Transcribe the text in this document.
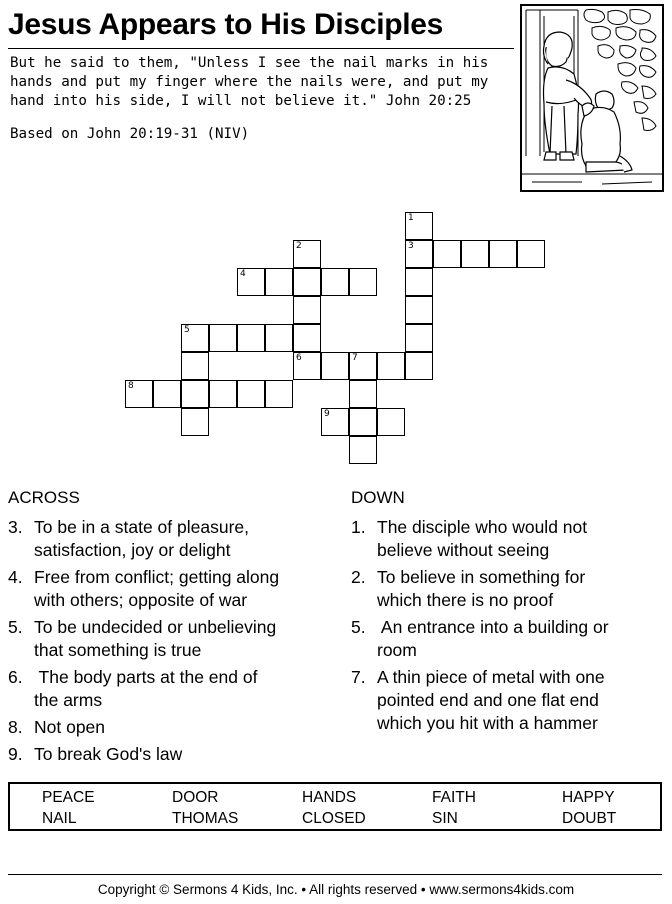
Jesus Appears to His Disciples
But he said to them, "Unless I see the nail marks in his
hands and put my finger where the nails were, and put my
hand into his side, I will not believe it." John 20:25
Based on John 20:19-31 (NIV)
1
2	3
4
5
6	7
8
9
ACROSS
3. To be in a state of pleasure,
satisfaction, joy or delight
4. Free from conflict; getting along
with others; opposite of war
5. To be undecided or unbelieving
that something is true
6. The body parts at the end of
the arms
8. Not open
9. To break God's law
DOWN
1. The disciple who would not
believe without seeing
2. To believe in something for
which there is no proof
5. An entrance into a building or
room
7. A thin piece of metal with one
pointed end and one flat end
which you hit with a hammer
PEACE	DOOR	HANDS	FAITH	HAPPY
NAIL	THOMAS	CLOSED	SIN	DOUBT
Copyright © Sermons 4 Kids, Inc. • All rights reserved • www.sermons4kids.com
